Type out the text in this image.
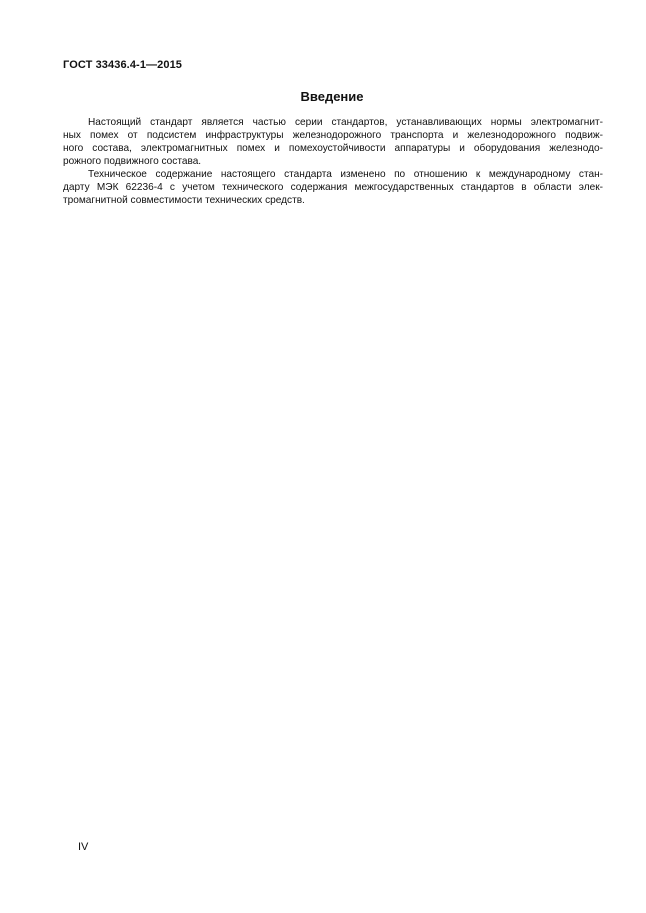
ГОСТ 33436.4-1—2015
Введение

Настоящий стандарт является частью серии стандартов, устанавливающих нормы электромагнит-
ных помех от подсистем инфраструктуры железнодорожного транспорта и железнодорожного подвиж-
ного состава, электромагнитных помех и помехоустойчивости аппаратуры и оборудования железнодо-
рожного подвижного состава.

Техническое содержание настоящего стандарта изменено по отношению к международному стан-
дарту МЭК 62236-4 с учетом технического содержания межгосударственных стандартов в области элек-
тромагнитной совместимости технических средств.

IV
